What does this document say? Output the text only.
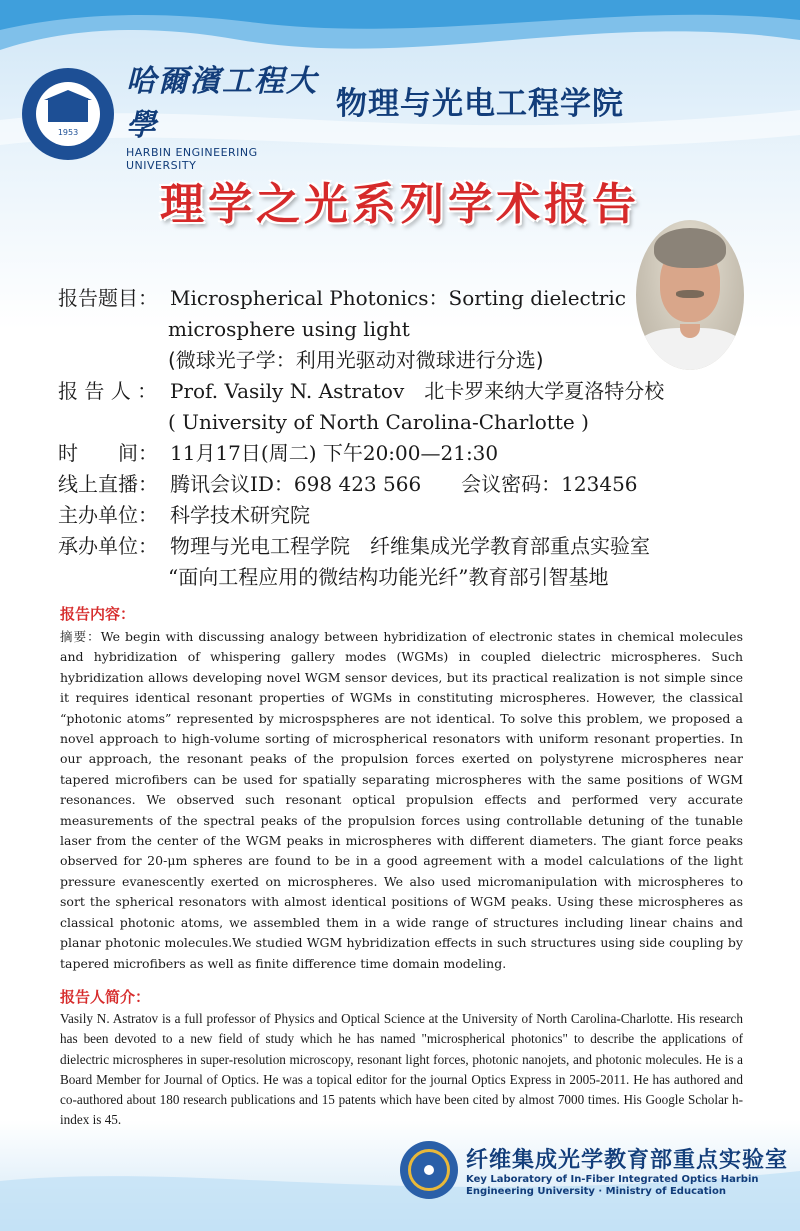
1953
哈爾濱工程大學
HARBIN ENGINEERING UNIVERSITY
物理与光电工程学院
理学之光系列学术报告
报告题目： Microspherical Photonics：Sorting dielectric
microsphere using light
(微球光子学：利用光驱动对微球进行分选)
报 告 人 ： Prof. Vasily N. Astratov　北卡罗来纳大学夏洛特分校
( University of North Carolina-Charlotte )
时　　间： 11月17日(周二) 下午20:00—21:30
线上直播： 腾讯会议ID：698 423 566　　会议密码：123456
主办单位： 科学技术研究院
承办单位： 物理与光电工程学院　纤维集成光学教育部重点实验室
“面向工程应用的微结构功能光纤”教育部引智基地
报告内容：
摘要：We begin with discussing analogy between hybridization of electronic states in chemical molecules and hybridization of whispering gallery modes (WGMs) in coupled dielectric microspheres. Such hybridization allows developing novel WGM sensor devices, but its practical realization is not simple since it requires identical resonant properties of WGMs in constituting microspheres. However, the classical “photonic atoms” represented by microspspheres are not identical. To solve this problem, we proposed a novel approach to high-volume sorting of microspherical resonators with uniform resonant properties. In our approach, the resonant peaks of the propulsion forces exerted on polystyrene microspheres near tapered microfibers can be used for spatially separating microspheres with the same positions of WGM resonances. We observed such resonant optical propulsion effects and performed very accurate measurements of the spectral peaks of the propulsion forces using controllable detuning of the tunable laser from the center of the WGM peaks in microspheres with different diameters. The giant force peaks observed for 20-μm spheres are found to be in a good agreement with a model calculations of the light pressure evanescently exerted on microspheres. We also used micromanipulation with microspheres to sort the spherical resonators with almost identical positions of WGM peaks. Using these microspheres as classical photonic atoms, we assembled them in a wide range of structures including linear chains and planar photonic molecules.We studied WGM hybridization effects in such structures using side coupling by tapered microfibers as well as finite difference time domain modeling.
报告人简介：
Vasily N. Astratov is a full professor of Physics and Optical Science at the University of North Carolina-Charlotte. His research has been devoted to a new field of study which he has named "microspherical photonics" to describe the applications of dielectric microspheres in super-resolution microscopy, resonant light forces, photonic nanojets, and photonic molecules. He is a Board Member for Journal of Optics. He was a topical editor for the journal Optics Express in 2005-2011. He has authored and co-authored about 180 research publications and 15 patents which have been cited by almost 7000 times. His Google Scholar h-index is 45.
纤维集成光学教育部重点实验室
Key Laboratory of In-Fiber Integrated Optics Harbin
Engineering University · Ministry of Education
